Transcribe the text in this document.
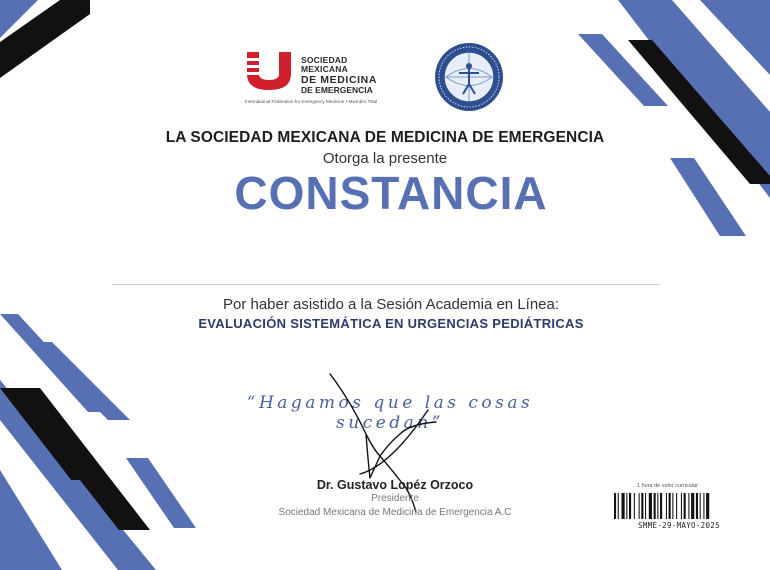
SOCIEDAD MEXICANA
DE MEDICINA
DE EMERGENCIA
International Federation for Emergency Medicine • Miembro Total
LA SOCIEDAD MEXICANA DE MEDICINA DE EMERGENCIA
Otorga la presente
CONSTANCIA
Por haber asistido a la Sesión Academia en Línea:
EVALUACIÓN SISTEMÁTICA EN URGENCIAS PEDIÁTRICAS
“Hagamos que las cosas sucedan”
Dr. Gustavo Lopéz Orzoco
Presidente
Sociedad Mexicana de Medicina de Emergencia A.C
1 hora de valor curricular
SMME-29-MAYO-2025
